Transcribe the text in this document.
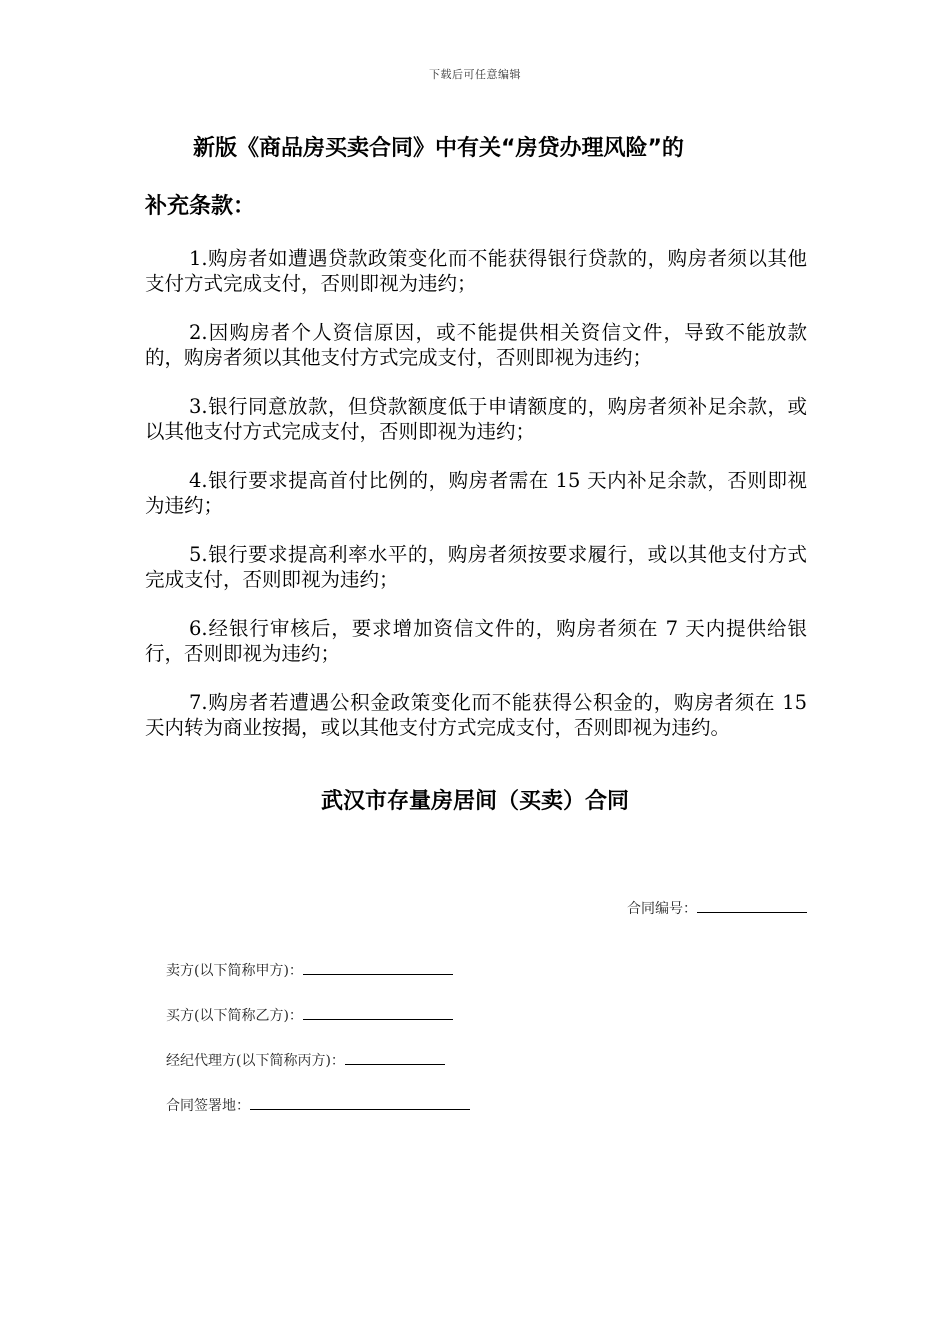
下载后可任意编辑
新版《商品房买卖合同》中有关“房贷办理风险”的
补充条款：

1.购房者如遭遇贷款政策变化而不能获得银行贷款的，购房者须以其他支付方式完成支付，否则即视为违约；

2.因购房者个人资信原因，或不能提供相关资信文件，导致不能放款的，购房者须以其他支付方式完成支付，否则即视为违约；

3.银行同意放款，但贷款额度低于申请额度的，购房者须补足余款，或以其他支付方式完成支付，否则即视为违约；

4.银行要求提高首付比例的，购房者需在 15 天内补足余款，否则即视为违约；

5.银行要求提高利率水平的，购房者须按要求履行，或以其他支付方式完成支付，否则即视为违约；

6.经银行审核后，要求增加资信文件的，购房者须在 7 天内提供给银行，否则即视为违约；

7.购房者若遭遇公积金政策变化而不能获得公积金的，购房者须在 15 天内转为商业按揭，或以其他支付方式完成支付，否则即视为违约。

武汉市存量房居间（买卖）合同
合同编号：
卖方(以下简称甲方)：
买方(以下简称乙方)：
经纪代理方(以下简称丙方)：
合同签署地：
